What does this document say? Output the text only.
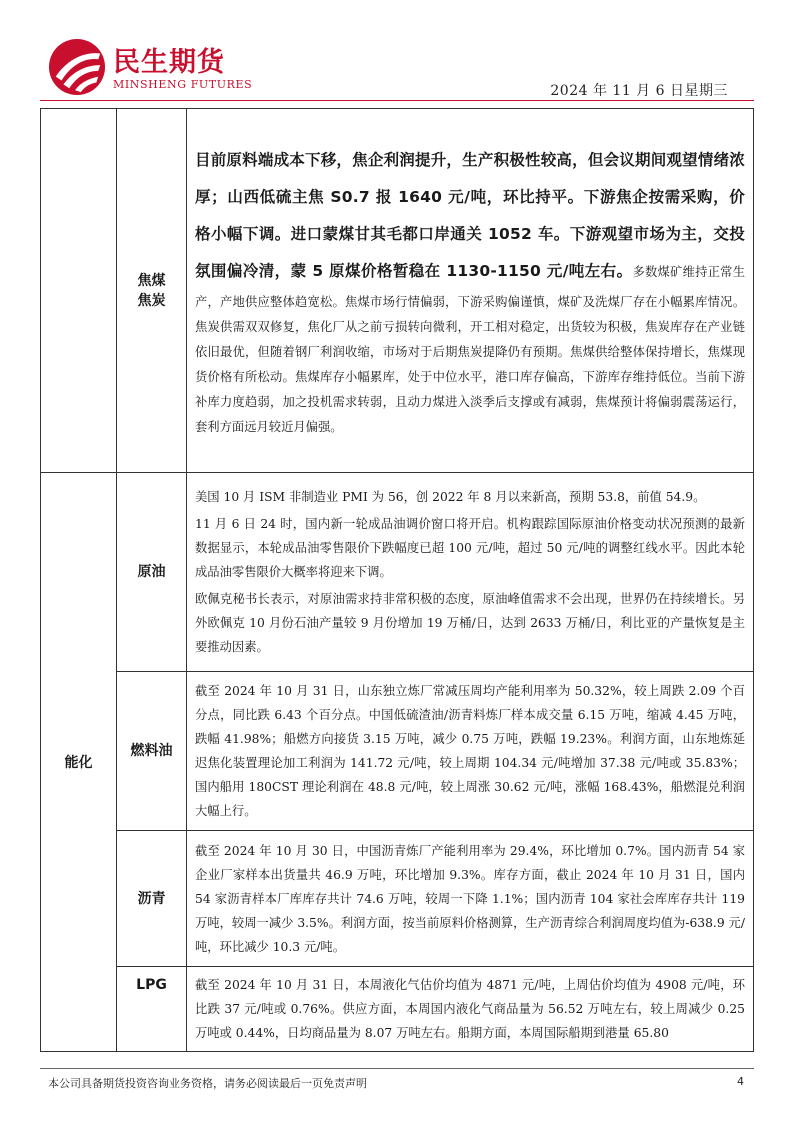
民生期货
MINSHENG FUTURES	2024 年 11 月 6 日星期三

	焦煤
焦炭	目前原料端成本下移，焦企利润提升，生产积极性较高，但会议期间观望情绪浓厚；山西低硫主焦 S0.7 报 1640 元/吨，环比持平。下游焦企按需采购，价格小幅下调。进口蒙煤甘其毛都口岸通关 1052 车。下游观望市场为主，交投氛围偏冷清，蒙 5 原煤价格暂稳在 1130-1150 元/吨左右。多数煤矿维持正常生产，产地供应整体趋宽松。焦煤市场行情偏弱，下游采购偏谨慎，煤矿及洗煤厂存在小幅累库情况。焦炭供需双双修复，焦化厂从之前亏损转向微利，开工相对稳定，出货较为积极，焦炭库存在产业链依旧最优，但随着钢厂利润收缩，市场对于后期焦炭提降仍有预期。焦煤供给整体保持增长，焦煤现货价格有所松动。焦煤库存小幅累库，处于中位水平，港口库存偏高，下游库存维持低位。当前下游补库力度趋弱，加之投机需求转弱，且动力煤进入淡季后支撑或有减弱，焦煤预计将偏弱震荡运行，套利方面远月较近月偏强。
能化	原油	美国 10 月 ISM 非制造业 PMI 为 56，创 2022 年 8 月以来新高，预期 53.8，前值 54.9。

11 月 6 日 24 时，国内新一轮成品油调价窗口将开启。机构跟踪国际原油价格变动状况预测的最新数据显示，本轮成品油零售限价下跌幅度已超 100 元/吨，超过 50 元/吨的调整红线水平。因此本轮成品油零售限价大概率将迎来下调。

欧佩克秘书长表示，对原油需求持非常积极的态度，原油峰值需求不会出现，世界仍在持续增长。另外欧佩克 10 月份石油产量较 9 月份增加 19 万桶/日，达到 2633 万桶/日，利比亚的产量恢复是主要推动因素。

	燃料油	截至 2024 年 10 月 31 日，山东独立炼厂常减压周均产能利用率为 50.32%，较上周跌 2.09 个百分点，同比跌 6.43 个百分点。中国低硫渣油/沥青料炼厂样本成交量 6.15 万吨，缩减 4.45 万吨，跌幅 41.98%；船燃方向接货 3.15 万吨，减少 0.75 万吨，跌幅 19.23%。利润方面，山东地炼延迟焦化装置理论加工利润为 141.72 元/吨，较上周期 104.34 元/吨增加 37.38 元/吨或 35.83%；国内船用 180CST 理论利润在 48.8 元/吨，较上周涨 30.62 元/吨，涨幅 168.43%，船燃混兑利润大幅上行。

	沥青	截至 2024 年 10 月 30 日，中国沥青炼厂产能利用率为 29.4%，环比增加 0.7%。国内沥青 54 家企业厂家样本出货量共 46.9 万吨，环比增加 9.3%。库存方面，截止 2024 年 10 月 31 日，国内 54 家沥青样本厂库库存共计 74.6 万吨，较周一下降 1.1%；国内沥青 104 家社会库库存共计 119 万吨，较周一减少 3.5%。利润方面，按当前原料价格测算，生产沥青综合利润周度均值为-638.9 元/吨，环比减少 10.3 元/吨。

	LPG	截至 2024 年 10 月 31 日，本周液化气估价均值为 4871 元/吨，上周估价均值为 4908 元/吨，环比跌 37 元/吨或 0.76%。供应方面，本周国内液化气商品量为 56.52 万吨左右，较上周减少 0.25 万吨或 0.44%，日均商品量为 8.07 万吨左右。船期方面，本周国际船期到港量 65.80

本公司具备期货投资咨询业务资格，请务必阅读最后一页免责声明	4
